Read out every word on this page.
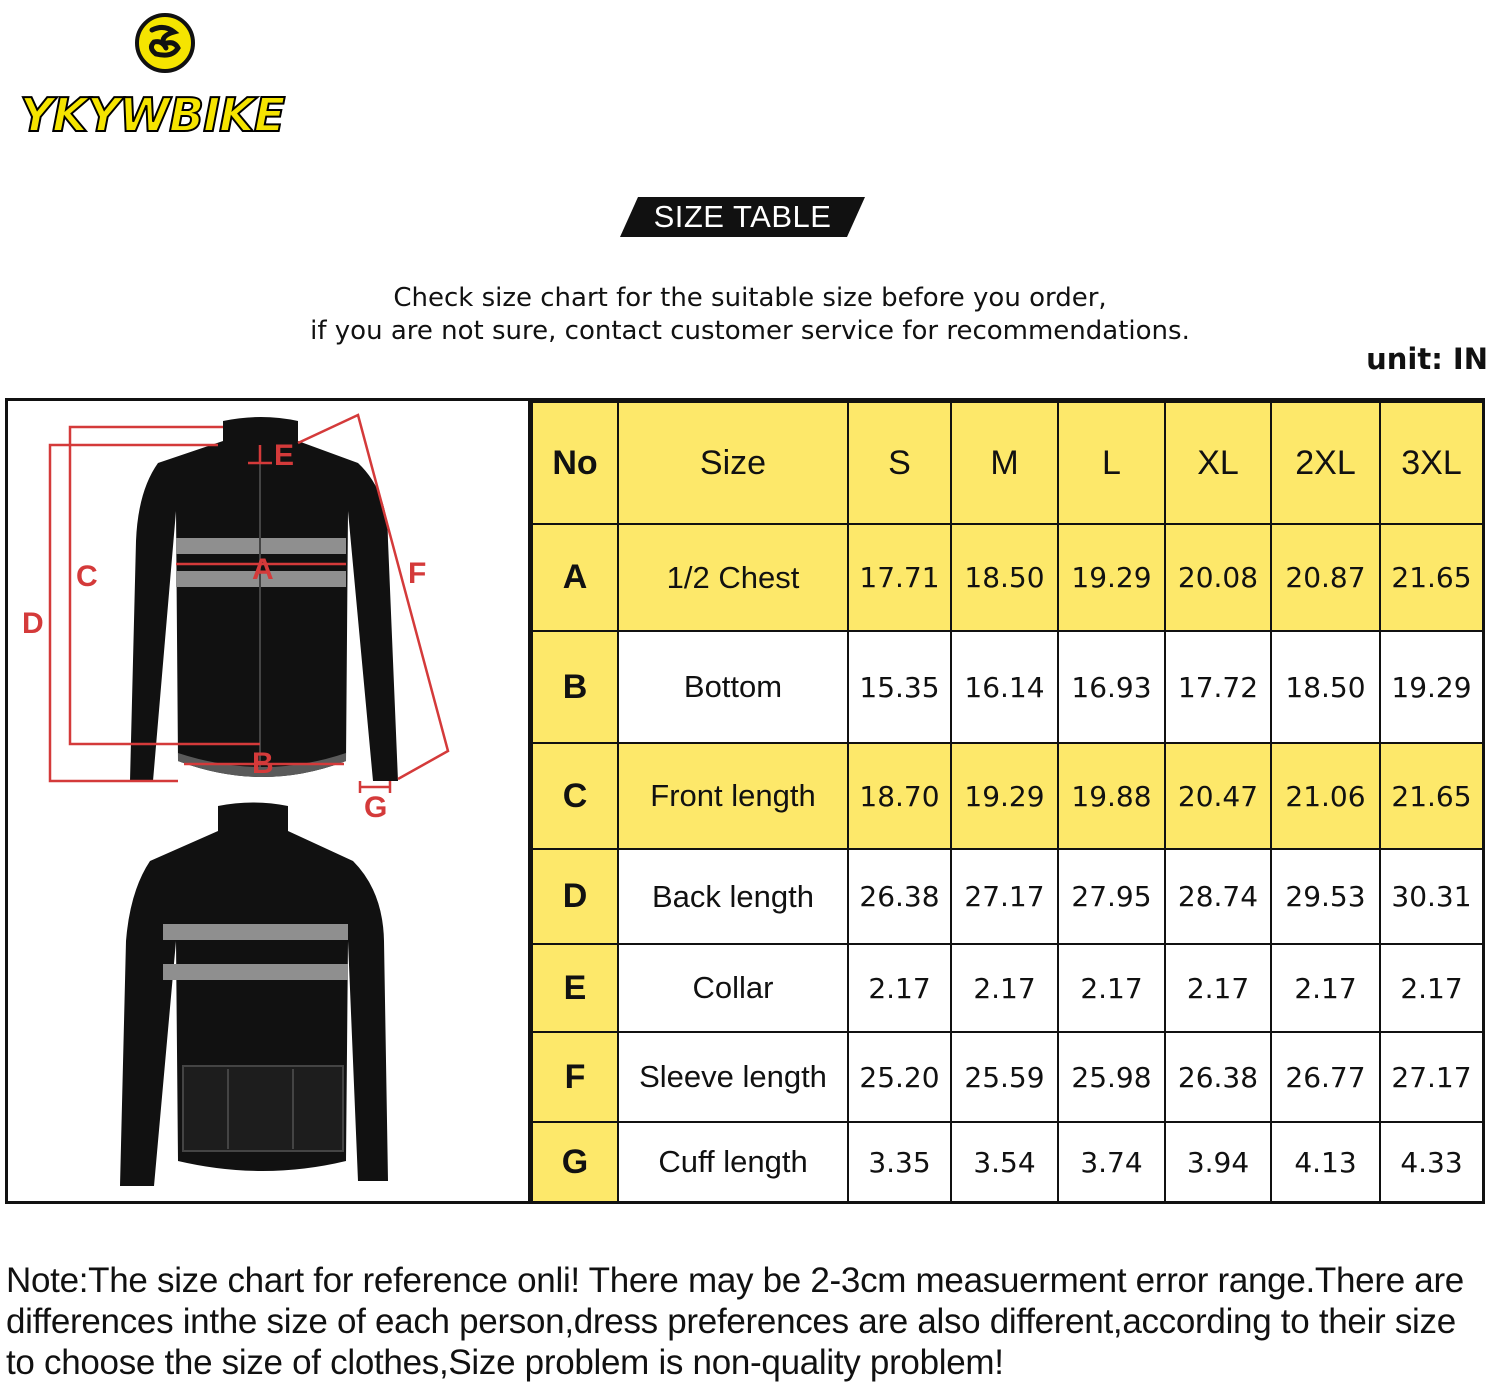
YKYWBIKE
SIZE TABLE
Check size chart for the suitable size before you order,
if you are not sure, contact customer service for recommendations.
unit: IN
A
B
C
D
E
F
G
No	Size	S	M	L	XL	2XL	3XL
A	1/2 Chest	17.71	18.50	19.29	20.08	20.87	21.65
B	Bottom	15.35	16.14	16.93	17.72	18.50	19.29
C	Front length	18.70	19.29	19.88	20.47	21.06	21.65
D	Back length	26.38	27.17	27.95	28.74	29.53	30.31
E	Collar	2.17	2.17	2.17	2.17	2.17	2.17
F	Sleeve length	25.20	25.59	25.98	26.38	26.77	27.17
G	Cuff length	3.35	3.54	3.74	3.94	4.13	4.33
Note:The size chart for reference onli! There may be 2-3cm measuerment error range.There are
differences inthe size of each person,dress preferences are also different,according to their size
to choose the size of clothes,Size problem is non-quality problem!
